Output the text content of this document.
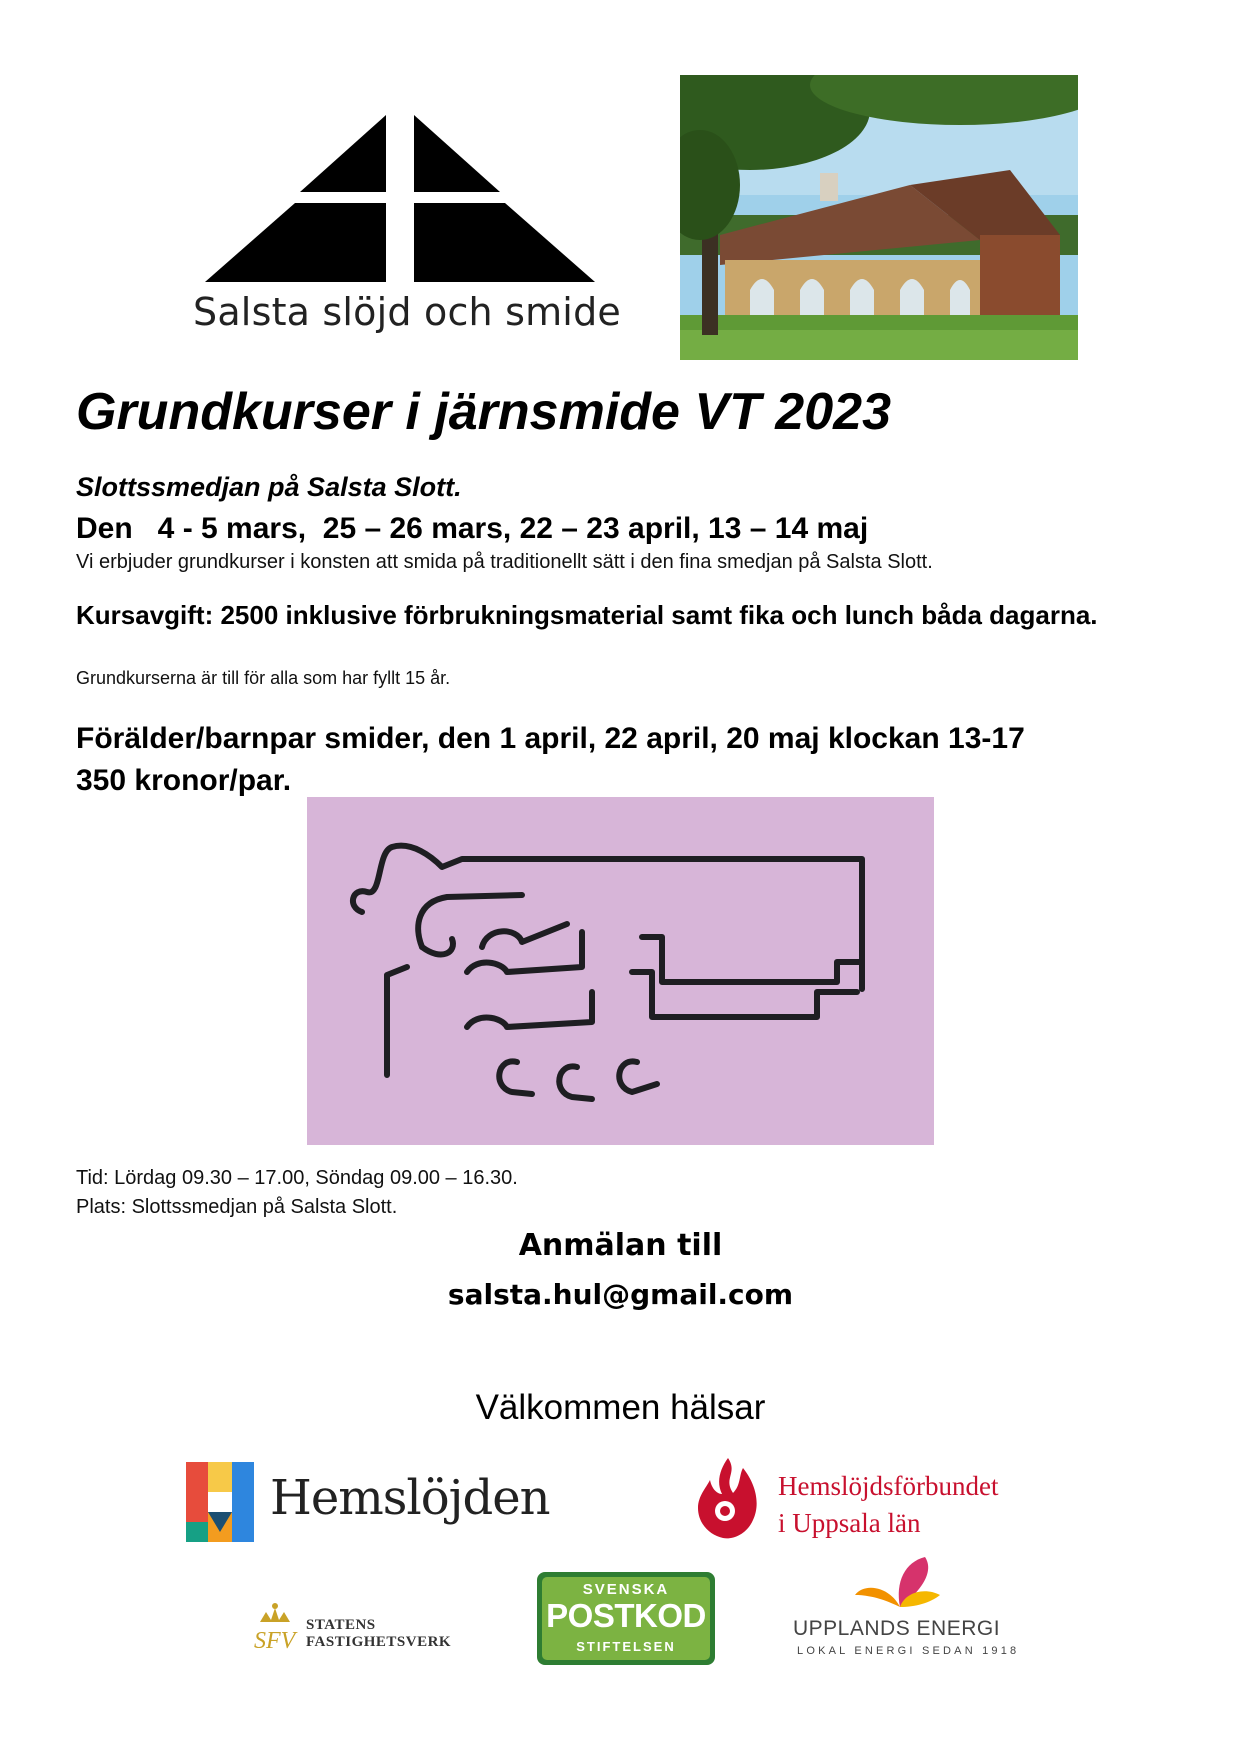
Salsta slöjd och smide
Grundkurser i järnsmide VT 2023
Slottssmedjan på Salsta Slott.
Den   4 - 5 mars,  25 – 26 mars, 22 – 23 april, 13 – 14 maj
Vi erbjuder grundkurser i konsten att smida på traditionellt sätt i den fina smedjan på Salsta Slott.
Kursavgift: 2500 inklusive förbrukningsmaterial samt fika och lunch båda dagarna.
Grundkurserna är till för alla som har fyllt 15 år.
Förälder/barnpar smider, den 1 april, 22 april, 20 maj klockan 13-17
350 kronor/par.
Tid: Lördag 09.30 – 17.00, Söndag 09.00 – 16.30.
Plats: Slottssmedjan på Salsta Slott.
Anmälan till
salsta.hul@gmail.com
Välkommen hälsar
Hemslöjden	Hemslöjdsförbundet
i Uppsala län
SFV
STATENS
FASTIGHETSVERK
SVENSKA
POSTKOD
STIFTELSEN
UPPLANDS ENERGI
LOKAL ENERGI SEDAN 1918
